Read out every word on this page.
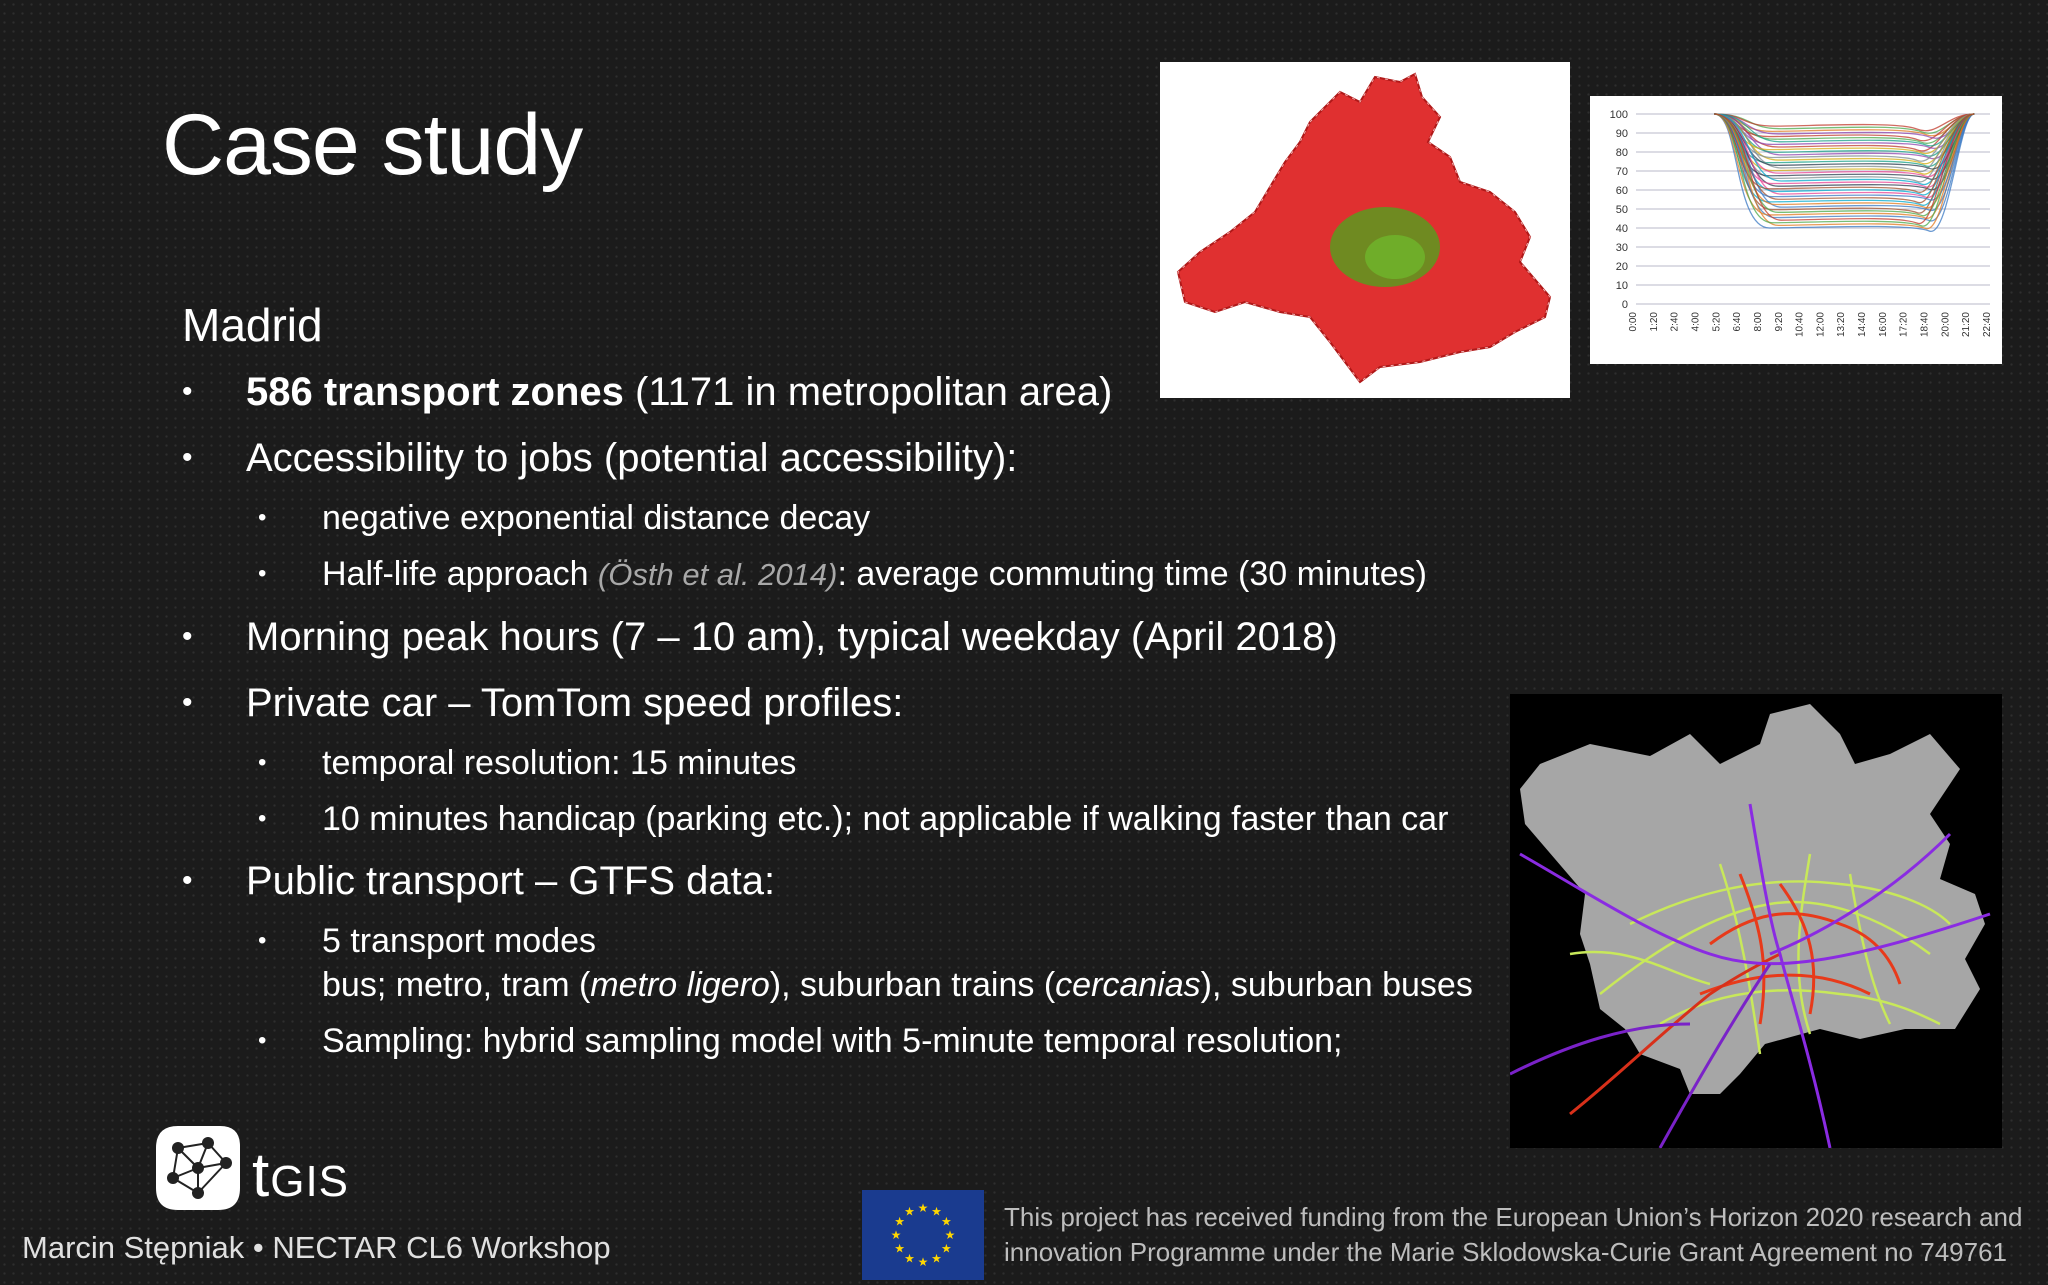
Case study
Madrid
• 586 transport zones (1171 in metropolitan area)
• Accessibility to jobs (potential accessibility):
• negative exponential distance decay
• Half-life approach (Östh et al. 2014): average commuting time (30 minutes)
• Morning peak hours (7 – 10 am), typical weekday (April 2018)
• Private car – TomTom speed profiles:
• temporal resolution: 15 minutes
• 10 minutes handicap (parking etc.); not applicable if walking faster than car
• Public transport – GTFS data:
• 5 transport modes
bus; metro, tram (metro ligero), suburban trains (cercanias), suburban buses
• Sampling: hybrid sampling model with 5-minute temporal resolution;
100
90
80
70
60
50
40
30
20
10
0
0:00 1:20 2:40 4:00 5:20 6:40 8:00 9:20 10:40 12:00 13:20 14:40 16:00 17:20 18:40 20:00 21:20 22:40
tGIS
Marcin Stępniak • NECTAR CL6 Workshop
★ ★
★
★
★
★
★
★
★
★
★
★	This project has received funding from the European Union’s Horizon 2020 research and
innovation Programme under the Marie Sklodowska-Curie Grant Agreement no 749761
